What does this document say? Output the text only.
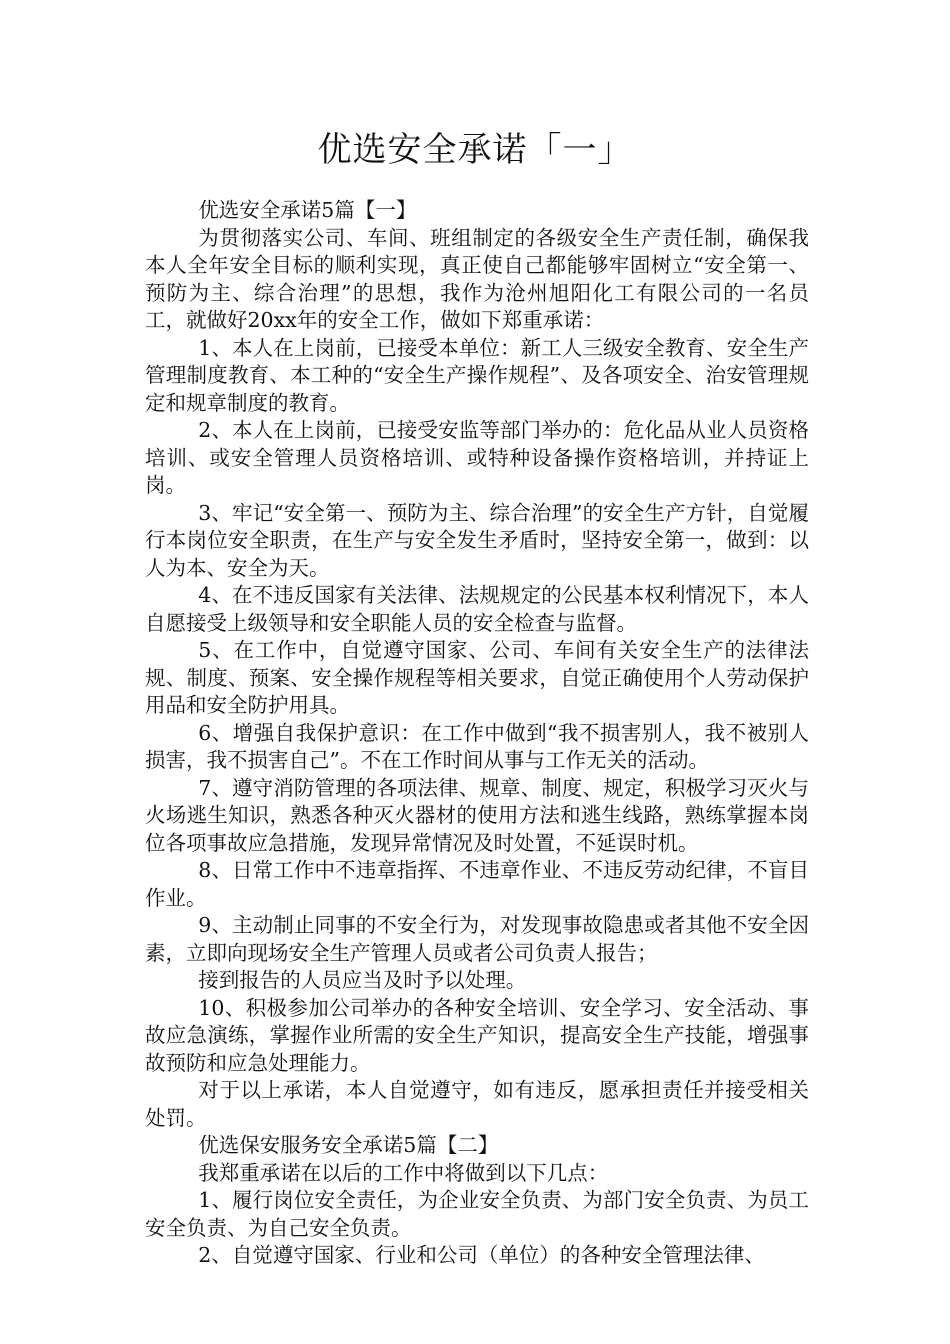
优选安全承诺「一」

优选安全承诺5篇【一】

为贯彻落实公司、车间、班组制定的各级安全生产责任制，确保我本人全年安全目标的顺利实现，真正使自己都能够牢固树立“安全第一、预防为主、综合治理”的思想，我作为沧州旭阳化工有限公司的一名员工，就做好20xx年的安全工作，做如下郑重承诺：

1、本人在上岗前，已接受本单位：新工人三级安全教育、安全生产管理制度教育、本工种的“安全生产操作规程”、及各项安全、治安管理规定和规章制度的教育。

2、本人在上岗前，已接受安监等部门举办的：危化品从业人员资格培训、或安全管理人员资格培训、或特种设备操作资格培训，并持证上岗。

3、牢记“安全第一、预防为主、综合治理”的安全生产方针，自觉履行本岗位安全职责，在生产与安全发生矛盾时，坚持安全第一，做到：以人为本、安全为天。

4、在不违反国家有关法律、法规规定的公民基本权利情况下，本人自愿接受上级领导和安全职能人员的安全检查与监督。

5、在工作中，自觉遵守国家、公司、车间有关安全生产的法律法规、制度、预案、安全操作规程等相关要求，自觉正确使用个人劳动保护用品和安全防护用具。

6、增强自我保护意识：在工作中做到“我不损害别人，我不被别人损害，我不损害自己”。不在工作时间从事与工作无关的活动。

7、遵守消防管理的各项法律、规章、制度、规定，积极学习灭火与火场逃生知识，熟悉各种灭火器材的使用方法和逃生线路，熟练掌握本岗位各项事故应急措施，发现异常情况及时处置，不延误时机。

8、日常工作中不违章指挥、不违章作业、不违反劳动纪律，不盲目作业。

9、主动制止同事的不安全行为，对发现事故隐患或者其他不安全因素，立即向现场安全生产管理人员或者公司负责人报告；

接到报告的人员应当及时予以处理。

10、积极参加公司举办的各种安全培训、安全学习、安全活动、事故应急演练，掌握作业所需的安全生产知识，提高安全生产技能，增强事故预防和应急处理能力。

对于以上承诺，本人自觉遵守，如有违反，愿承担责任并接受相关处罚。

优选保安服务安全承诺5篇【二】

我郑重承诺在以后的工作中将做到以下几点：

1、履行岗位安全责任，为企业安全负责、为部门安全负责、为员工安全负责、为自己安全负责。

2、自觉遵守国家、行业和公司（单位）的各种安全管理法律、
